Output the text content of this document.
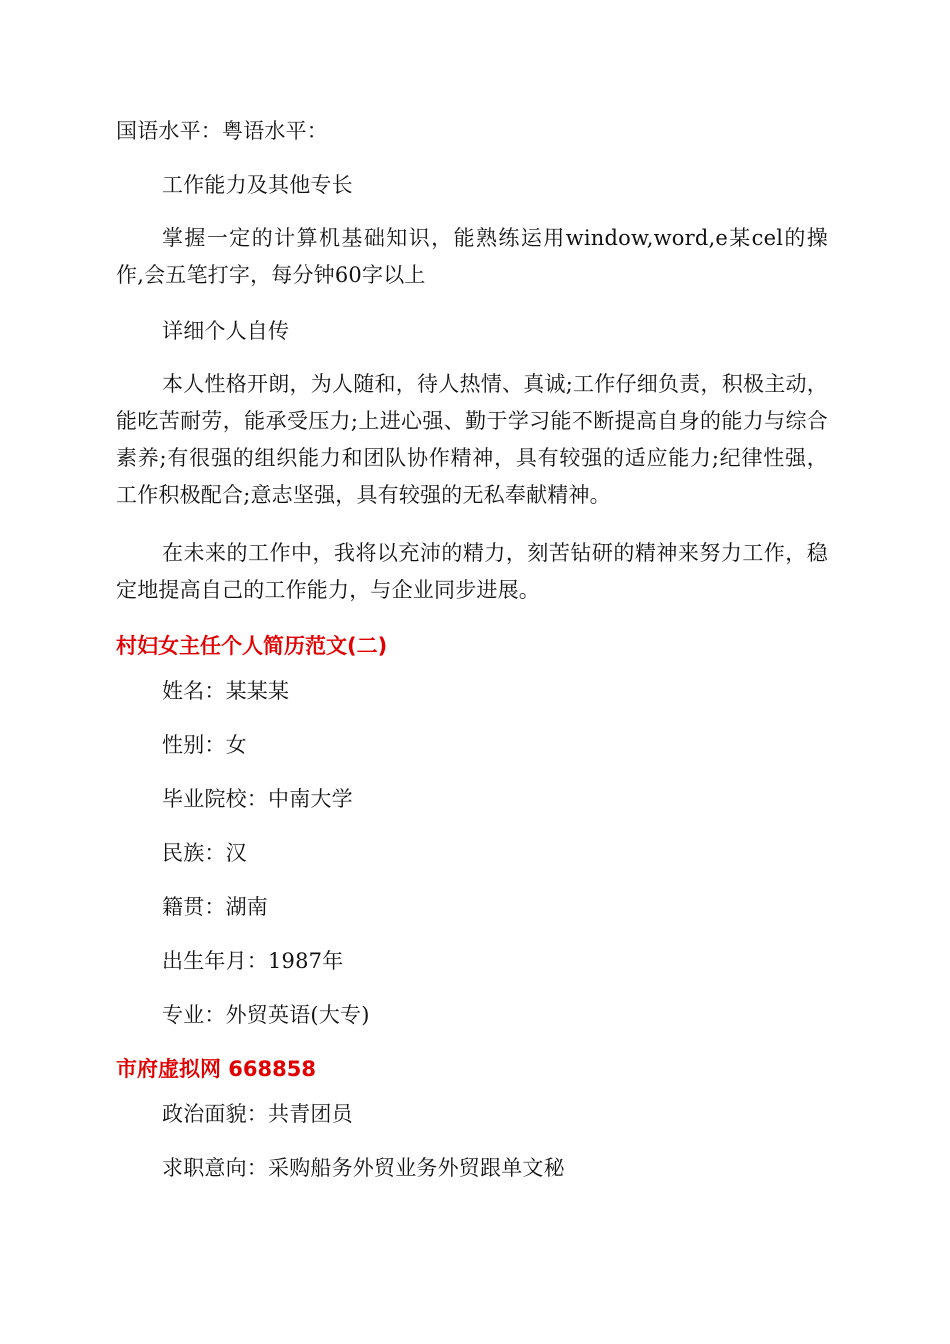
国语水平：粤语水平：
工作能力及其他专长
掌握一定的计算机基础知识，能熟练运用window,word,e某cel的操作,会五笔打字，每分钟60字以上
详细个人自传
本人性格开朗，为人随和，待人热情、真诚;工作仔细负责，积极主动，能吃苦耐劳，能承受压力;上进心强、勤于学习能不断提高自身的能力与综合素养;有很强的组织能力和团队协作精神，具有较强的适应能力;纪律性强，工作积极配合;意志坚强，具有较强的无私奉献精神。
在未来的工作中，我将以充沛的精力，刻苦钻研的精神来努力工作，稳定地提高自己的工作能力，与企业同步进展。
村妇女主任个人简历范文(二)
姓名：某某某
性别：女
毕业院校：中南大学
民族：汉
籍贯：湖南
出生年月：1987年
专业：外贸英语(大专)
市府虚拟网 668858
政治面貌：共青团员
求职意向：采购船务外贸业务外贸跟单文秘
